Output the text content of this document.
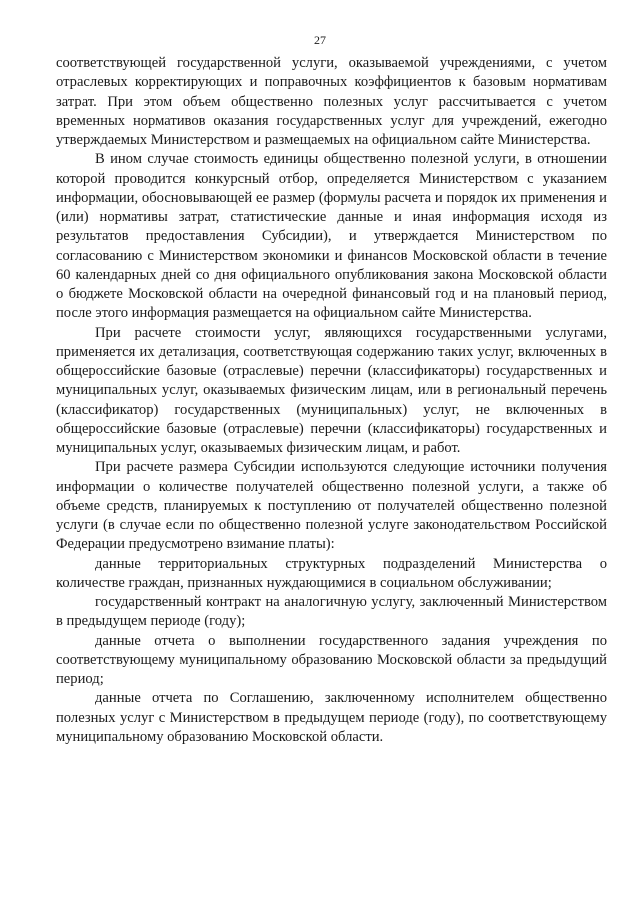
27

соответствующей государственной услуги, оказываемой учреждениями, с учетом отраслевых корректирующих и поправочных коэффициентов к базовым нормативам затрат. При этом объем общественно полезных услуг рассчитывается с учетом временных нормативов оказания государственных услуг для учреждений, ежегодно утверждаемых Министерством и размещаемых на официальном сайте Министерства.

В ином случае стоимость единицы общественно полезной услуги, в отношении которой проводится конкурсный отбор, определяется Министерством с указанием информации, обосновывающей ее размер (формулы расчета и порядок их применения и (или) нормативы затрат, статистические данные и иная информация исходя из результатов предоставления Субсидии), и утверждается Министерством по согласованию с Министерством экономики и финансов Московской области в течение 60 календарных дней со дня официального опубликования закона Московской области о бюджете Московской области на очередной финансовый год и на плановый период, после этого информация размещается на официальном сайте Министерства.

При расчете стоимости услуг, являющихся государственными услугами, применяется их детализация, соответствующая содержанию таких услуг, включенных в общероссийские базовые (отраслевые) перечни (классификаторы) государственных и муниципальных услуг, оказываемых физическим лицам, или в региональный перечень (классификатор) государственных (муниципальных) услуг, не включенных в общероссийские базовые (отраслевые) перечни (классификаторы) государственных и муниципальных услуг, оказываемых физическим лицам, и работ.

При расчете размера Субсидии используются следующие источники получения информации о количестве получателей общественно полезной услуги, а также об объеме средств, планируемых к поступлению от получателей общественно полезной услуги (в случае если по общественно полезной услуге законодательством Российской Федерации предусмотрено взимание платы):

данные территориальных структурных подразделений Министерства о количестве граждан, признанных нуждающимися в социальном обслуживании;

государственный контракт на аналогичную услугу, заключенный Министерством в предыдущем периоде (году);

данные отчета о выполнении государственного задания учреждения по соответствующему муниципальному образованию Московской области за предыдущий период;

данные отчета по Соглашению, заключенному исполнителем общественно полезных услуг с Министерством в предыдущем периоде (году), по соответствующему муниципальному образованию Московской области.
